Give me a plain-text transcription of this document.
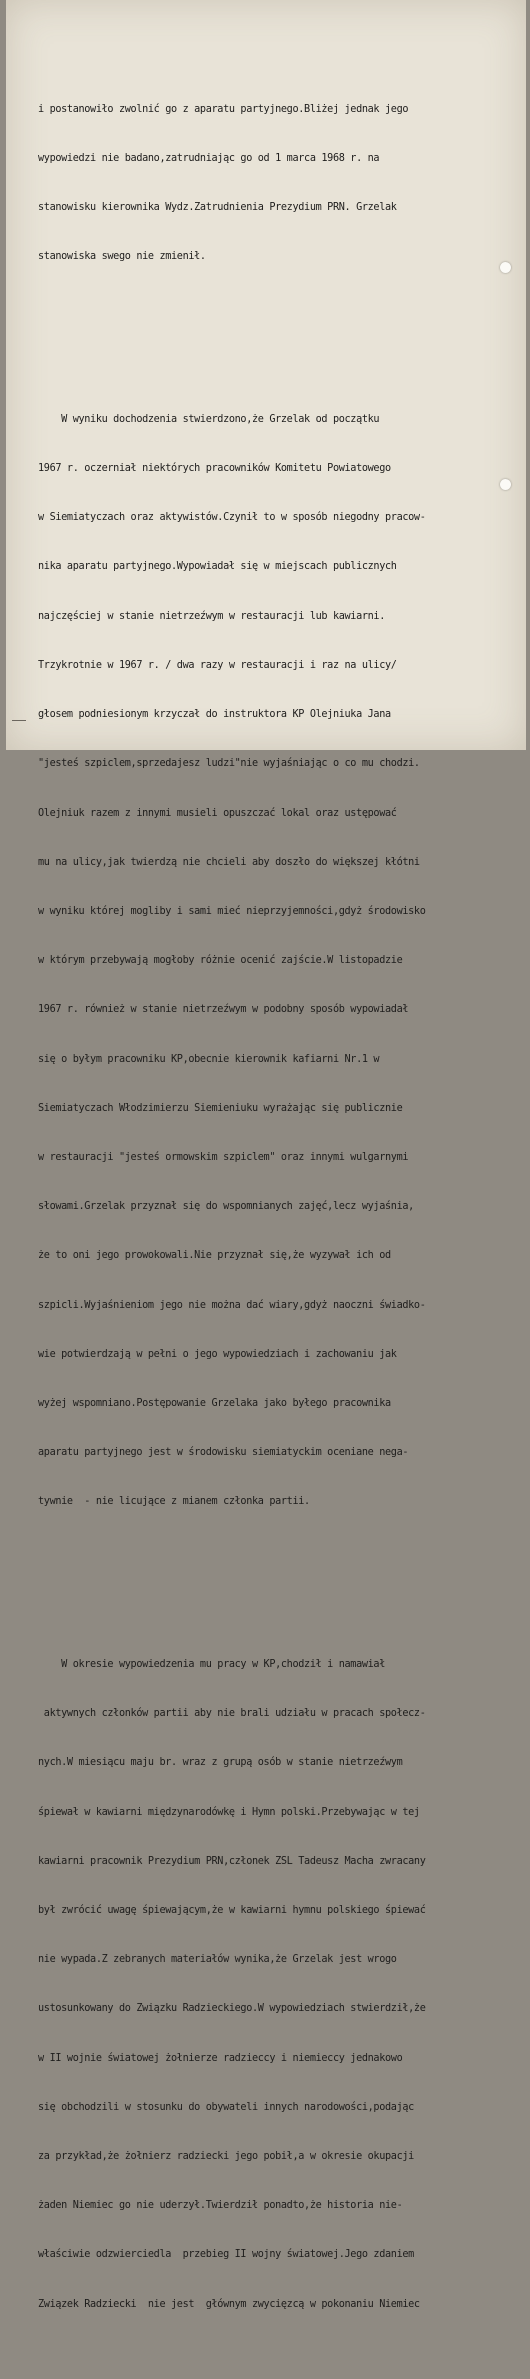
i postanowiło zwolnić go z aparatu partyjnego.Bliżej jednak jego

wypowiedzi nie badano,zatrudniając go od 1 marca 1968 r. na

stanowisku kierownika Wydz.Zatrudnienia Prezydium PRN. Grzelak

stanowiska swego nie zmienił.

W wyniku dochodzenia stwierdzono,że Grzelak od początku

1967 r. oczerniał niektórych pracowników Komitetu Powiatowego

w Siemiatyczach oraz aktywistów.Czynił to w sposób niegodny pracow-

nika aparatu partyjnego.Wypowiadał się w miejscach publicznych

najczęściej w stanie nietrzeźwym w restauracji lub kawiarni.

Trzykrotnie w 1967 r. / dwa razy w restauracji i raz na ulicy/

głosem podniesionym krzyczał do instruktora KP Olejniuka Jana

"jesteś szpiclem,sprzedajesz ludzi"nie wyjaśniając o co mu chodzi.

Olejniuk razem z innymi musieli opuszczać lokal oraz ustępować

mu na ulicy,jak twierdzą nie chcieli aby doszło do większej kłótni

w wyniku której mogliby i sami mieć nieprzyjemności,gdyż środowisko

w którym przebywają mogłoby różnie ocenić zajście.W listopadzie

1967 r. również w stanie nietrzeźwym w podobny sposób wypowiadał

się o byłym pracowniku KP,obecnie kierownik kafiarni Nr.1 w

Siemiatyczach Włodzimierzu Siemieniuku wyrażając się publicznie

w restauracji "jesteś ormowskim szpiclem" oraz innymi wulgarnymi

słowami.Grzelak przyznał się do wspomnianych zajęć,lecz wyjaśnia,

że to oni jego prowokowali.Nie przyznał się,że wyzywał ich od

szpicli.Wyjaśnieniom jego nie można dać wiary,gdyż naoczni świadko-

wie potwierdzają w pełni o jego wypowiedziach i zachowaniu jak

wyżej wspomniano.Postępowanie Grzelaka jako byłego pracownika

aparatu partyjnego jest w środowisku siemiatyckim oceniane nega-

tywnie  - nie licujące z mianem członka partii.

W okresie wypowiedzenia mu pracy w KP,chodził i namawiał

aktywnych członków partii aby nie brali udziału w pracach społecz-

nych.W miesiącu maju br. wraz z grupą osób w stanie nietrzeźwym

śpiewał w kawiarni międzynarodówkę i Hymn polski.Przebywając w tej

kawiarni pracownik Prezydium PRN,członek ZSL Tadeusz Macha zwracany

był zwrócić uwagę śpiewającym,że w kawiarni hymnu polskiego śpiewać

nie wypada.Z zebranych materiałów wynika,że Grzelak jest wrogo

ustosunkowany do Związku Radzieckiego.W wypowiedziach stwierdził,że

w II wojnie światowej żołnierze radzieccy i niemieccy jednakowo

się obchodzili w stosunku do obywateli innych narodowości,podając

za przykład,że żołnierz radziecki jego pobił,a w okresie okupacji

żaden Niemiec go nie uderzył.Twierdził ponadto,że historia nie-

właściwie odzwierciedla  przebieg II wojny światowej.Jego zdaniem

Związek Radziecki  nie jest  głównym zwycięzcą w pokonaniu Niemiec
